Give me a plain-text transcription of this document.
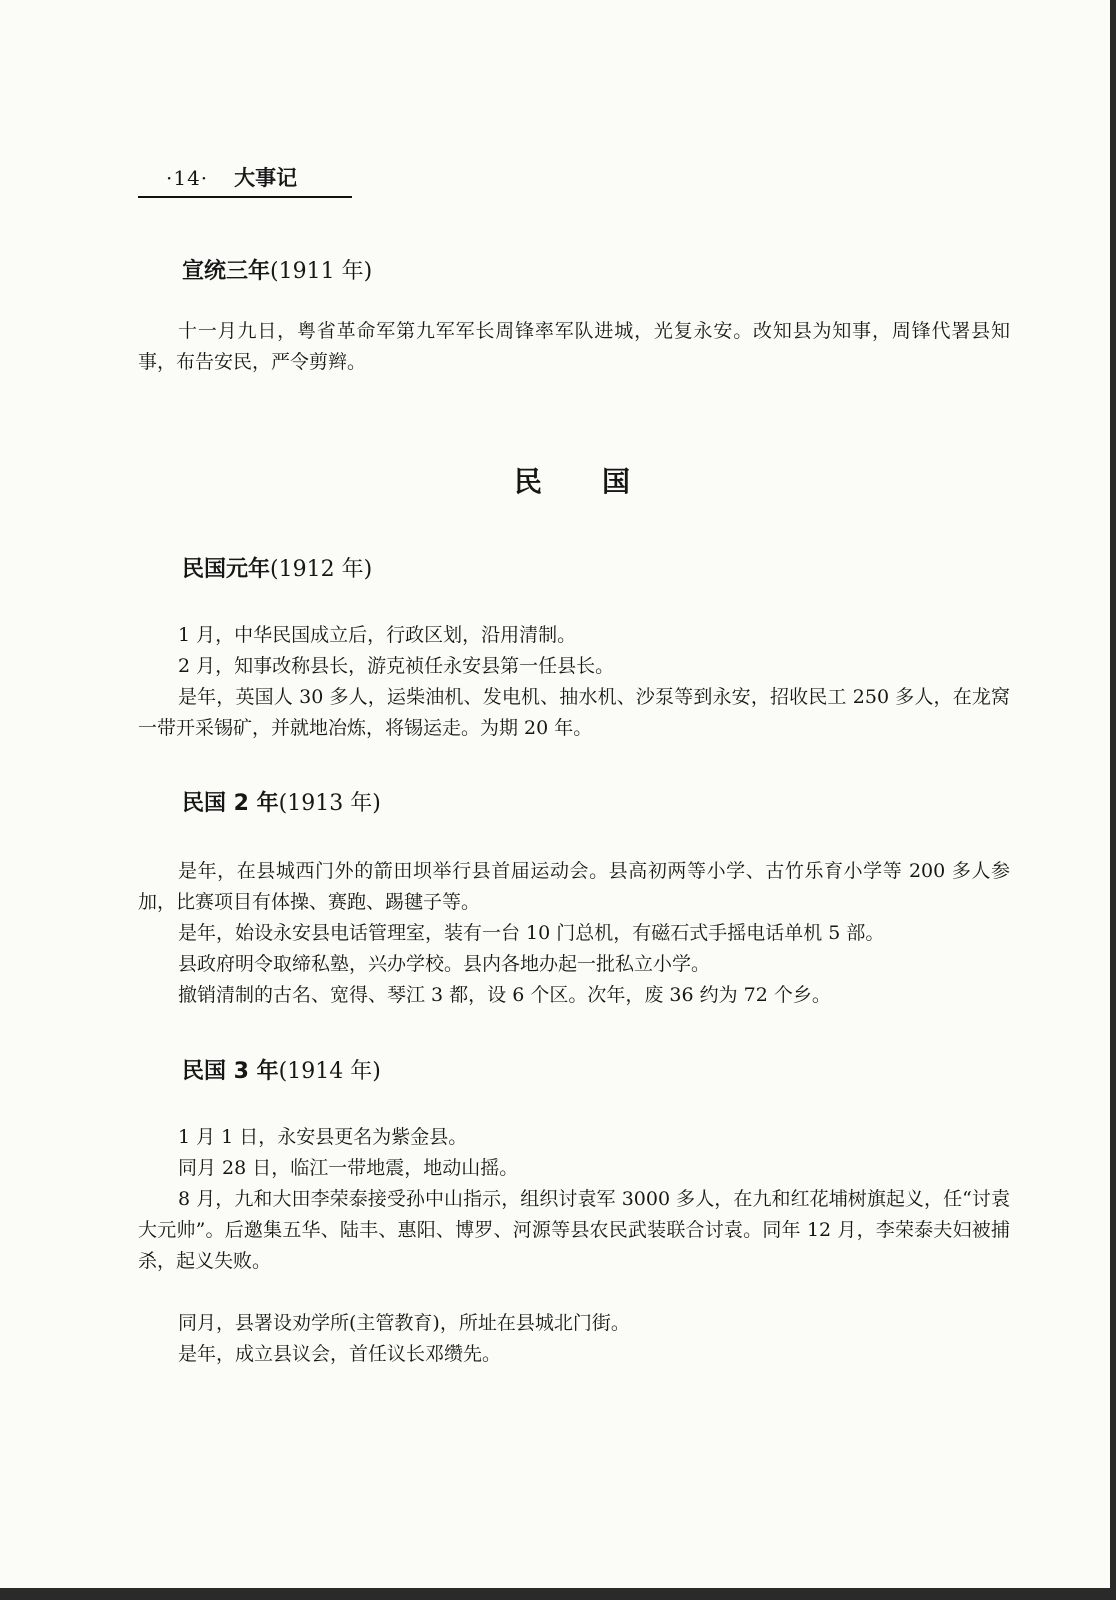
·14· 大事记
宣统三年(1911 年)

十一月九日，粤省革命军第九军军长周锋率军队进城，光复永安。改知县为知事，周锋代署县知事，布告安民，严令剪辫。

民国
民国元年(1912 年)

1 月，中华民国成立后，行政区划，沿用清制。

2 月，知事改称县长，游克祯任永安县第一任县长。

是年，英国人 30 多人，运柴油机、发电机、抽水机、沙泵等到永安，招收民工 250 多人，在龙窝一带开采锡矿，并就地冶炼，将锡运走。为期 20 年。

民国 2 年(1913 年)

是年，在县城西门外的箭田坝举行县首届运动会。县高初两等小学、古竹乐育小学等 200 多人参加，比赛项目有体操、赛跑、踢毽子等。

是年，始设永安县电话管理室，装有一台 10 门总机，有磁石式手摇电话单机 5 部。

县政府明令取缔私塾，兴办学校。县内各地办起一批私立小学。

撤销清制的古名、宽得、琴江 3 都，设 6 个区。次年，废 36 约为 72 个乡。

民国 3 年(1914 年)

1 月 1 日，永安县更名为紫金县。

同月 28 日，临江一带地震，地动山摇。

8 月，九和大田李荣泰接受孙中山指示，组织讨袁军 3000 多人，在九和红花埔树旗起义，任“讨袁大元帅”。后邀集五华、陆丰、惠阳、博罗、河源等县农民武装联合讨袁。同年 12 月，李荣泰夫妇被捕杀，起义失败。

同月，县署设劝学所(主管教育)，所址在县城北门街。

是年，成立县议会，首任议长邓缵先。
